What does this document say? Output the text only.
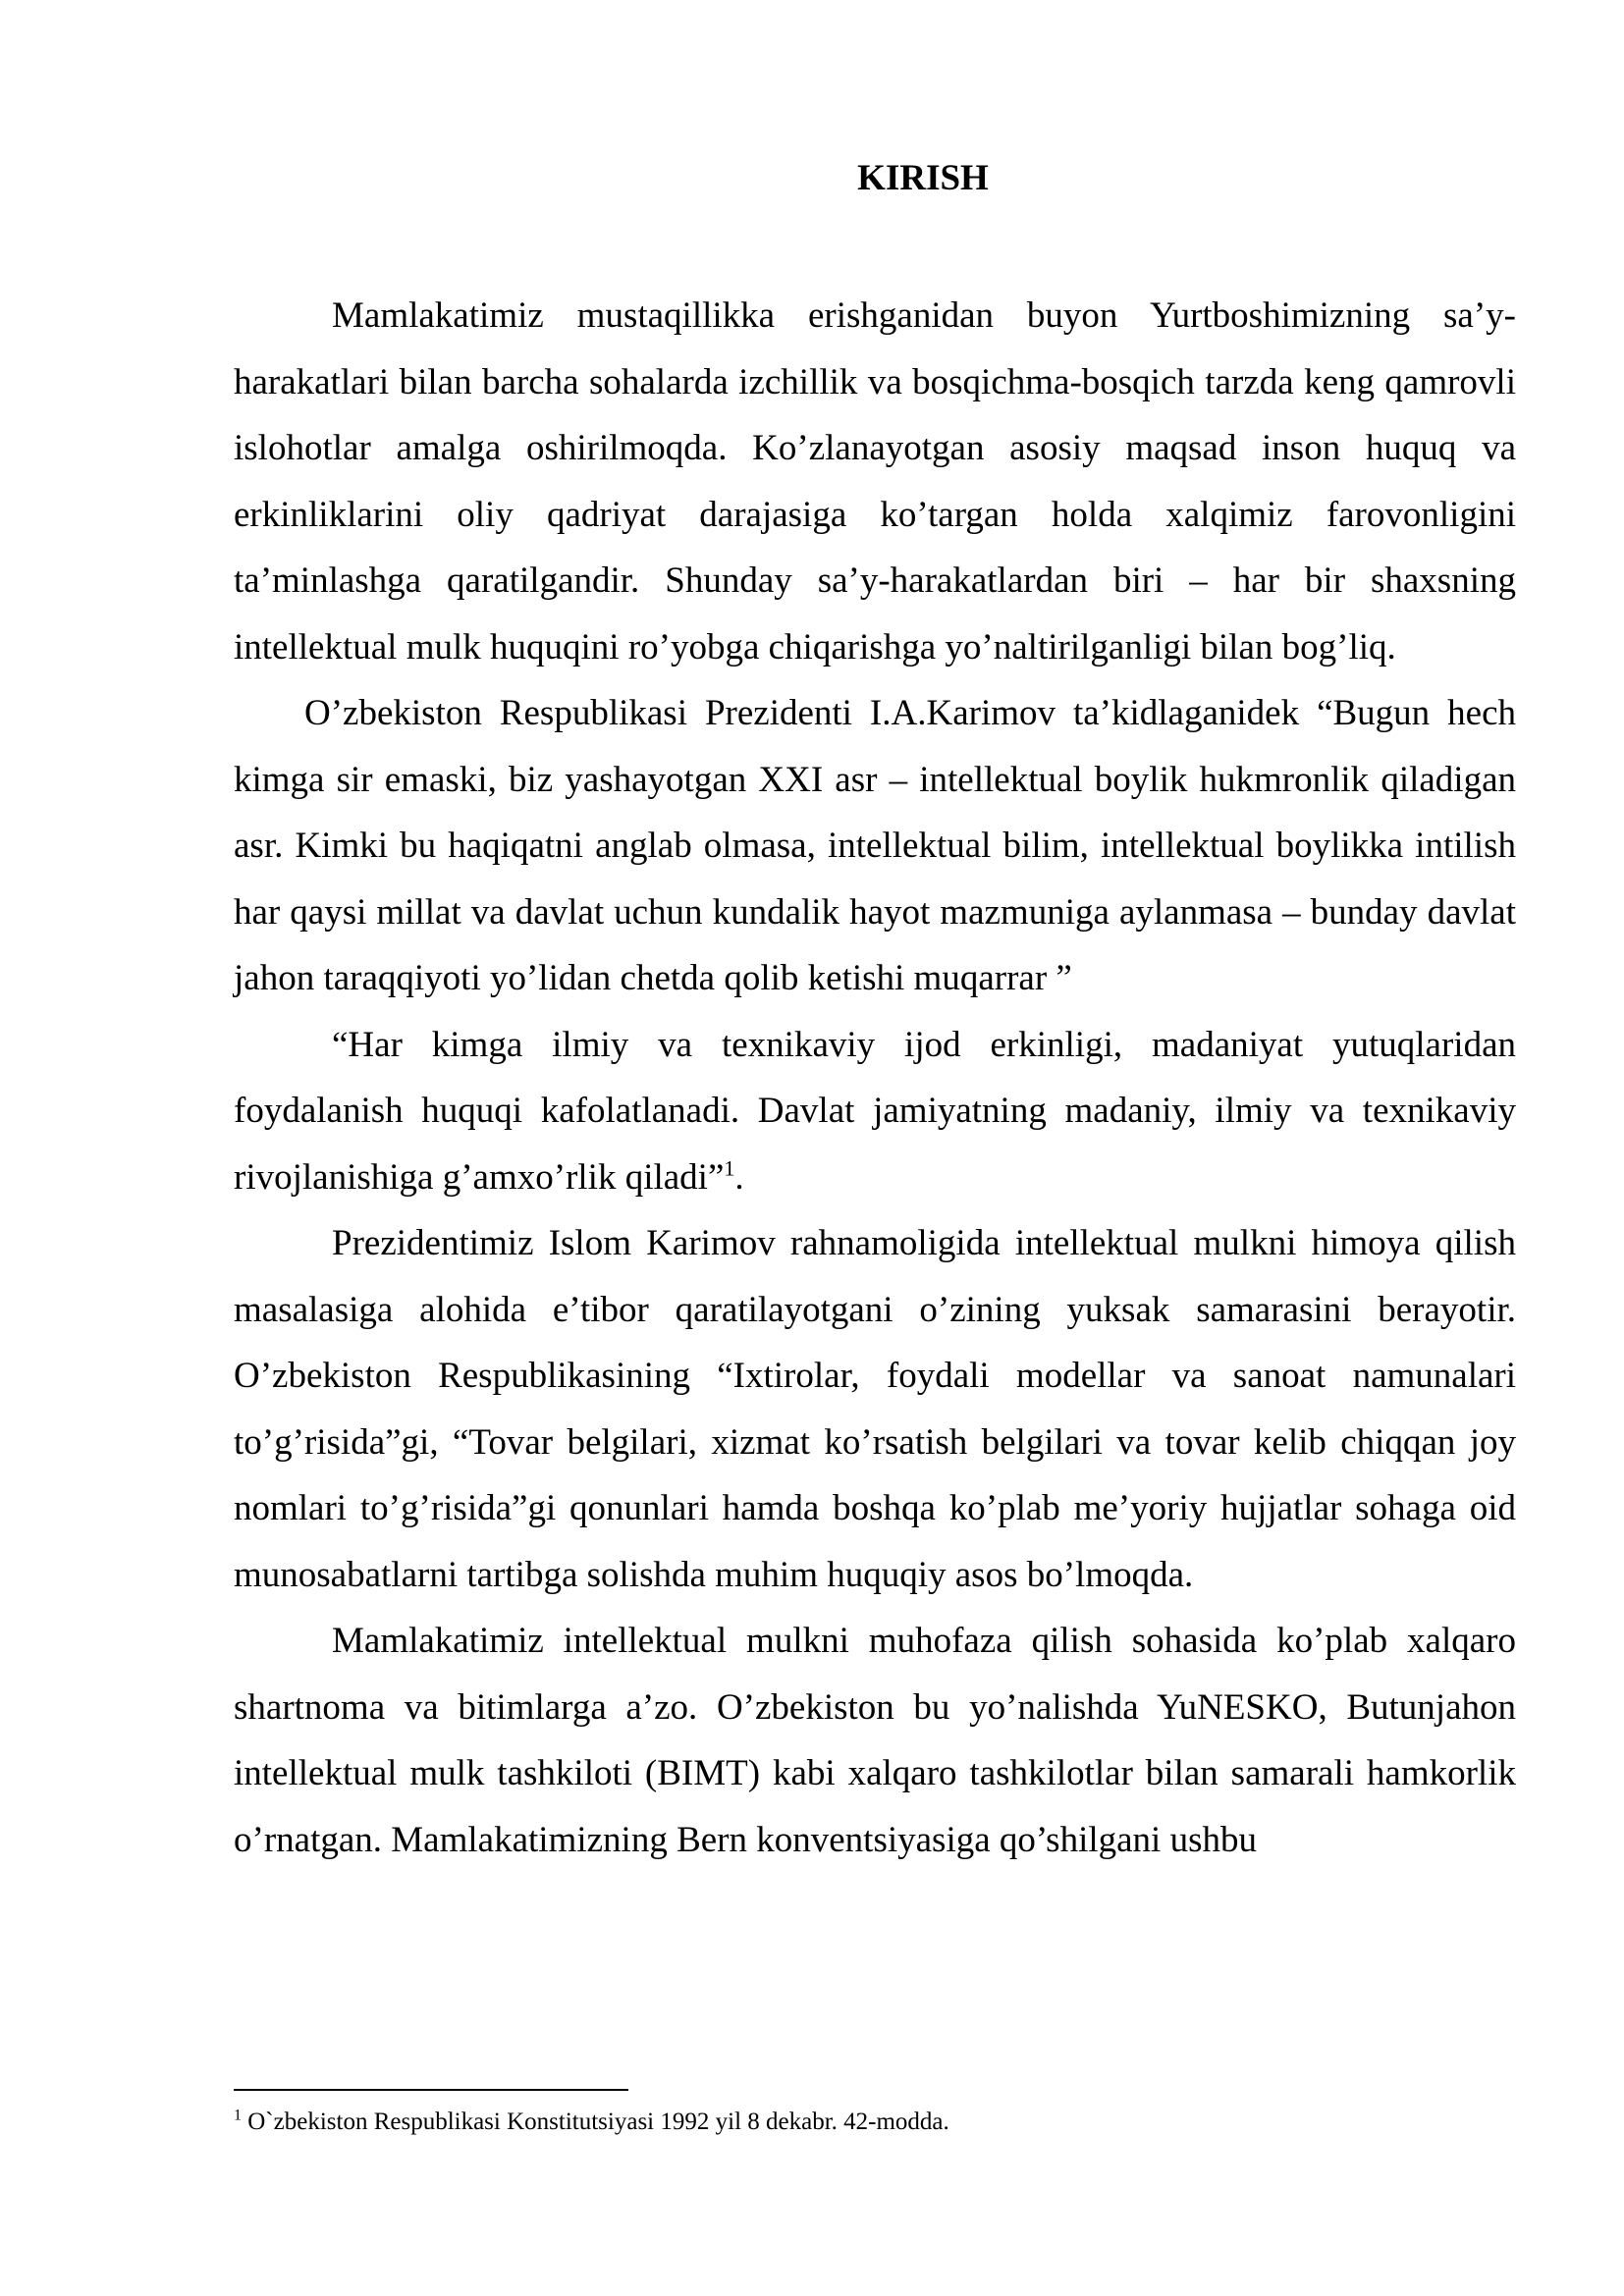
KIRISH

Mamlakatimiz mustaqillikka erishganidan buyon Yurtboshimizning sa’y-harakatlari bilan barcha sohalarda izchillik va bosqichma-bosqich tarzda keng qamrovli islohotlar amalga oshirilmoqda. Ko’zlanayotgan asosiy maqsad inson huquq va erkinliklarini oliy qadriyat darajasiga ko’targan holda xalqimiz farovonligini ta’minlashga qaratilgandir. Shunday sa’y-harakatlardan biri – har bir shaxsning intellektual mulk huquqini ro’yobga chiqarishga yo’naltirilganligi bilan bog’liq.

O’zbekiston Respublikasi Prezidenti I.A.Karimov ta’kidlaganidek “Bugun hech kimga sir emaski, biz yashayotgan XXI asr – intellektual boylik hukmronlik qiladigan asr. Kimki bu haqiqatni anglab olmasa, intellektual bilim, intellektual boylikka intilish har qaysi millat va davlat uchun kundalik hayot mazmuniga aylanmasa – bunday davlat jahon taraqqiyoti yo’lidan chetda qolib ketishi muqarrar ”

“Har kimga ilmiy va texnikaviy ijod erkinligi, madaniyat yutuqlaridan foydalanish huquqi kafolatlanadi. Davlat jamiyatning madaniy, ilmiy va texnikaviy rivojlanishiga g’amxo’rlik qiladi”$^1$.

Prezidentimiz Islom Karimov rahnamoligida intellektual mulkni himoya qilish masalasiga alohida e’tibor qaratilayotgani o’zining yuksak samarasini berayotir. O’zbekiston Respublikasining “Ixtirolar, foydali modellar va sanoat namunalari to’g’risida”gi, “Tovar belgilari, xizmat ko’rsatish belgilari va tovar kelib chiqqan joy nomlari to’g’risida”gi qonunlari hamda boshqa ko’plab me’yoriy hujjatlar sohaga oid munosabatlarni tartibga solishda muhim huquqiy asos bo’lmoqda.

Mamlakatimiz intellektual mulkni muhofaza qilish sohasida ko’plab xalqaro shartnoma va bitimlarga a’zo. O’zbekiston bu yo’nalishda YuNESKO, Butunjahon intellektual mulk tashkiloti (BIMT) kabi xalqaro tashkilotlar bilan samarali hamkorlik o’rnatgan. Mamlakatimizning Bern konventsiyasiga qo’shilgani ushbu

$^1$ O`zbekiston Respublikasi Konstitutsiyasi 1992 yil 8 dekabr. 42-modda.
